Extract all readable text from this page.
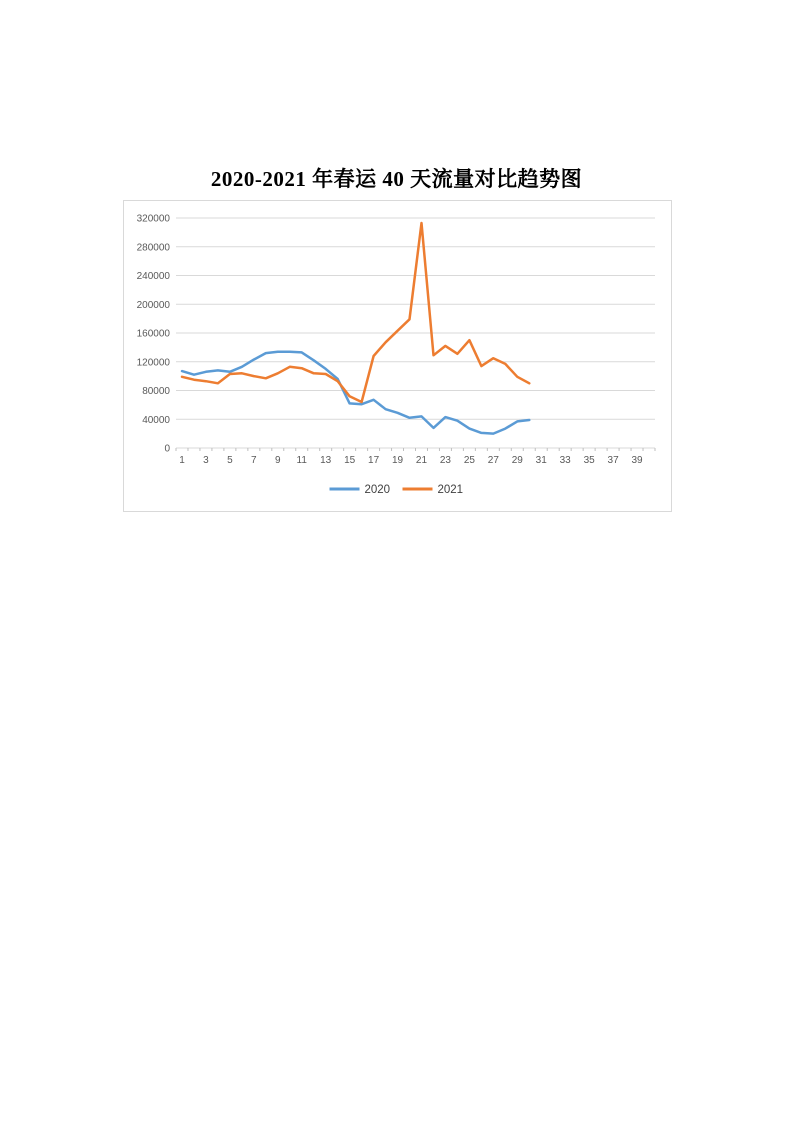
2020-2021 年春运 40 天流量对比趋势图
0
40000
80000
120000
160000
200000
240000
280000
320000
1 3 5 7 9 11 13 15 17 19 21 23 25 27 29 31 33 35 37 39
2020	2021
